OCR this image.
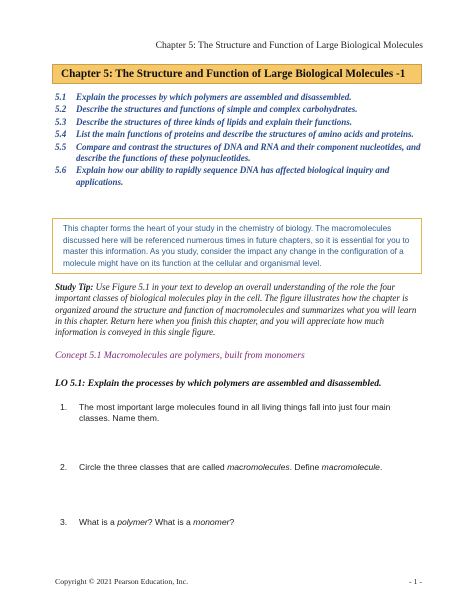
Chapter 5: The Structure and Function of Large Biological Molecules
Chapter 5: The Structure and Function of Large Biological Molecules -1
5.1	Explain the processes by which polymers are assembled and disassembled.
5.2	Describe the structures and functions of simple and complex carbohydrates.
5.3	Describe the structures of three kinds of lipids and explain their functions.
5.4	List the main functions of proteins and describe the structures of amino acids and proteins.
5.5	Compare and contrast the structures of DNA and RNA and their component nucleotides, and describe the functions of these polynucleotides.
5.6	Explain how our ability to rapidly sequence DNA has affected biological inquiry and applications.
This chapter forms the heart of your study in the chemistry of biology. The macromolecules discussed here will be referenced numerous times in future chapters, so it is essential for you to master this information. As you study, consider the impact any change in the configuration of a molecule might have on its function at the cellular and organismal level.
Study Tip: Use Figure 5.1 in your text to develop an overall understanding of the role the four important classes of biological molecules play in the cell. The figure illustrates how the chapter is organized around the structure and function of macromolecules and summarizes what you will learn in this chapter. Return here when you finish this chapter, and you will appreciate how much information is conveyed in this single figure.
Concept 5.1 Macromolecules are polymers, built from monomers
LO 5.1: Explain the processes by which polymers are assembled and disassembled.
1.	The most important large molecules found in all living things fall into just four main classes. Name them.
2.	Circle the three classes that are called macromolecules. Define macromolecule.
3.	What is a polymer? What is a monomer?
Copyright © 2021 Pearson Education, Inc.	- 1 -
